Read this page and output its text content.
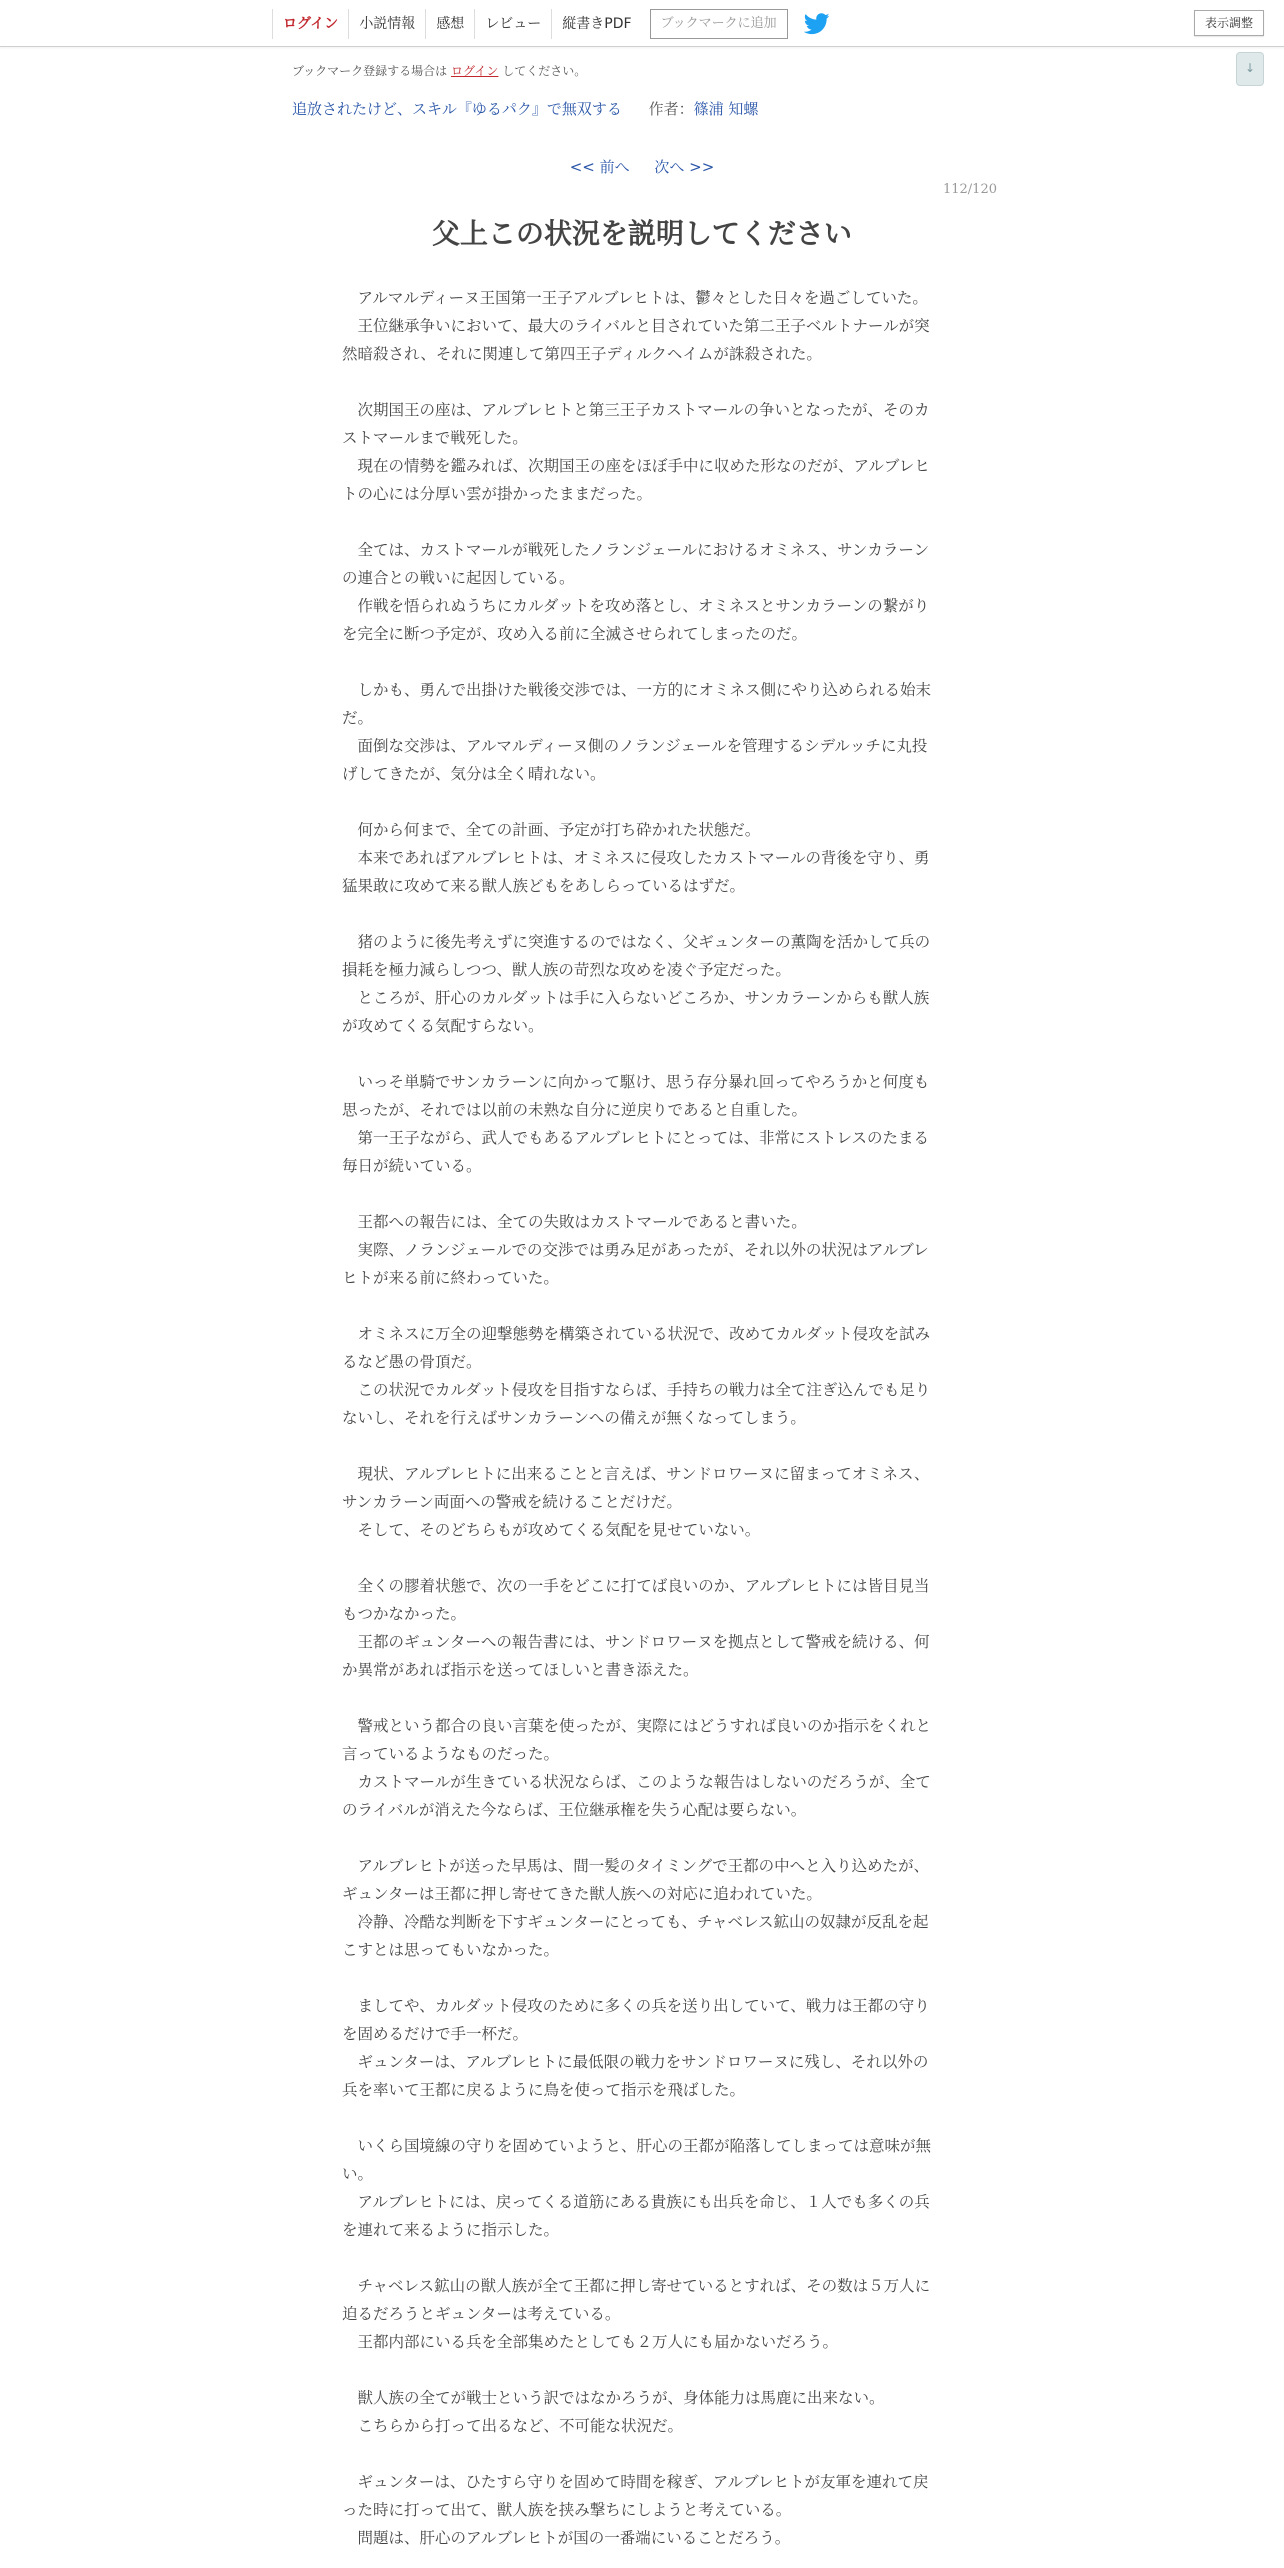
ログイン	小説情報	感想	レビュー	縦書きPDF	ブックマークに追加	表示調整
↓
ブックマーク登録する場合は ログイン してください。
追放されたけど、スキル『ゆるパク』で無双する 作者：篠浦 知螺
<< 前へ 次へ >>
112/120
父上この状況を説明してください

　アルマルディーヌ王国第一王子アルブレヒトは、鬱々とした日々を過ごしていた。

　王位継承争いにおいて、最大のライバルと目されていた第二王子ベルトナールが突然暗殺され、それに関連して第四王子ディルクヘイムが誅殺された。

　次期国王の座は、アルブレヒトと第三王子カストマールの争いとなったが、そのカストマールまで戦死した。

　現在の情勢を鑑みれば、次期国王の座をほぼ手中に収めた形なのだが、アルブレヒトの心には分厚い雲が掛かったままだった。

　全ては、カストマールが戦死したノランジェールにおけるオミネス、サンカラーンの連合との戦いに起因している。

　作戦を悟られぬうちにカルダットを攻め落とし、オミネスとサンカラーンの繋がりを完全に断つ予定が、攻め入る前に全滅させられてしまったのだ。

　しかも、勇んで出掛けた戦後交渉では、一方的にオミネス側にやり込められる始末だ。

　面倒な交渉は、アルマルディーヌ側のノランジェールを管理するシデルッチに丸投げしてきたが、気分は全く晴れない。

　何から何まで、全ての計画、予定が打ち砕かれた状態だ。

　本来であればアルブレヒトは、オミネスに侵攻したカストマールの背後を守り、勇猛果敢に攻めて来る獣人族どもをあしらっているはずだ。

　猪のように後先考えずに突進するのではなく、父ギュンターの薫陶を活かして兵の損耗を極力減らしつつ、獣人族の苛烈な攻めを凌ぐ予定だった。

　ところが、肝心のカルダットは手に入らないどころか、サンカラーンからも獣人族が攻めてくる気配すらない。

　いっそ単騎でサンカラーンに向かって駆け、思う存分暴れ回ってやろうかと何度も思ったが、それでは以前の未熟な自分に逆戻りであると自重した。

　第一王子ながら、武人でもあるアルブレヒトにとっては、非常にストレスのたまる毎日が続いている。

　王都への報告には、全ての失敗はカストマールであると書いた。

　実際、ノランジェールでの交渉では勇み足があったが、それ以外の状況はアルブレヒトが来る前に終わっていた。

　オミネスに万全の迎撃態勢を構築されている状況で、改めてカルダット侵攻を試みるなど愚の骨頂だ。

　この状況でカルダット侵攻を目指すならば、手持ちの戦力は全て注ぎ込んでも足りないし、それを行えばサンカラーンへの備えが無くなってしまう。

　現状、アルブレヒトに出来ることと言えば、サンドロワーヌに留まってオミネス、サンカラーン両面への警戒を続けることだけだ。

　そして、そのどちらもが攻めてくる気配を見せていない。

　全くの膠着状態で、次の一手をどこに打てば良いのか、アルブレヒトには皆目見当もつかなかった。

　王都のギュンターへの報告書には、サンドロワーヌを拠点として警戒を続ける、何か異常があれば指示を送ってほしいと書き添えた。

　警戒という都合の良い言葉を使ったが、実際にはどうすれば良いのか指示をくれと言っているようなものだった。

　カストマールが生きている状況ならば、このような報告はしないのだろうが、全てのライバルが消えた今ならば、王位継承権を失う心配は要らない。

　アルブレヒトが送った早馬は、間一髪のタイミングで王都の中へと入り込めたが、ギュンターは王都に押し寄せてきた獣人族への対応に追われていた。

　冷静、冷酷な判断を下すギュンターにとっても、チャベレス鉱山の奴隷が反乱を起こすとは思ってもいなかった。

　ましてや、カルダット侵攻のために多くの兵を送り出していて、戦力は王都の守りを固めるだけで手一杯だ。

　ギュンターは、アルブレヒトに最低限の戦力をサンドロワーヌに残し、それ以外の兵を率いて王都に戻るように鳥を使って指示を飛ばした。

　いくら国境線の守りを固めていようと、肝心の王都が陥落してしまっては意味が無い。

　アルブレヒトには、戻ってくる道筋にある貴族にも出兵を命じ、１人でも多くの兵を連れて来るように指示した。

　チャベレス鉱山の獣人族が全て王都に押し寄せているとすれば、その数は５万人に迫るだろうとギュンターは考えている。

　王都内部にいる兵を全部集めたとしても２万人にも届かないだろう。

　獣人族の全てが戦士という訳ではなかろうが、身体能力は馬鹿に出来ない。

　こちらから打って出るなど、不可能な状況だ。

　ギュンターは、ひたすら守りを固めて時間を稼ぎ、アルブレヒトが友軍を連れて戻った時に打って出て、獣人族を挟み撃ちにしようと考えている。

　問題は、肝心のアルブレヒトが国の一番端にいることだろう。
